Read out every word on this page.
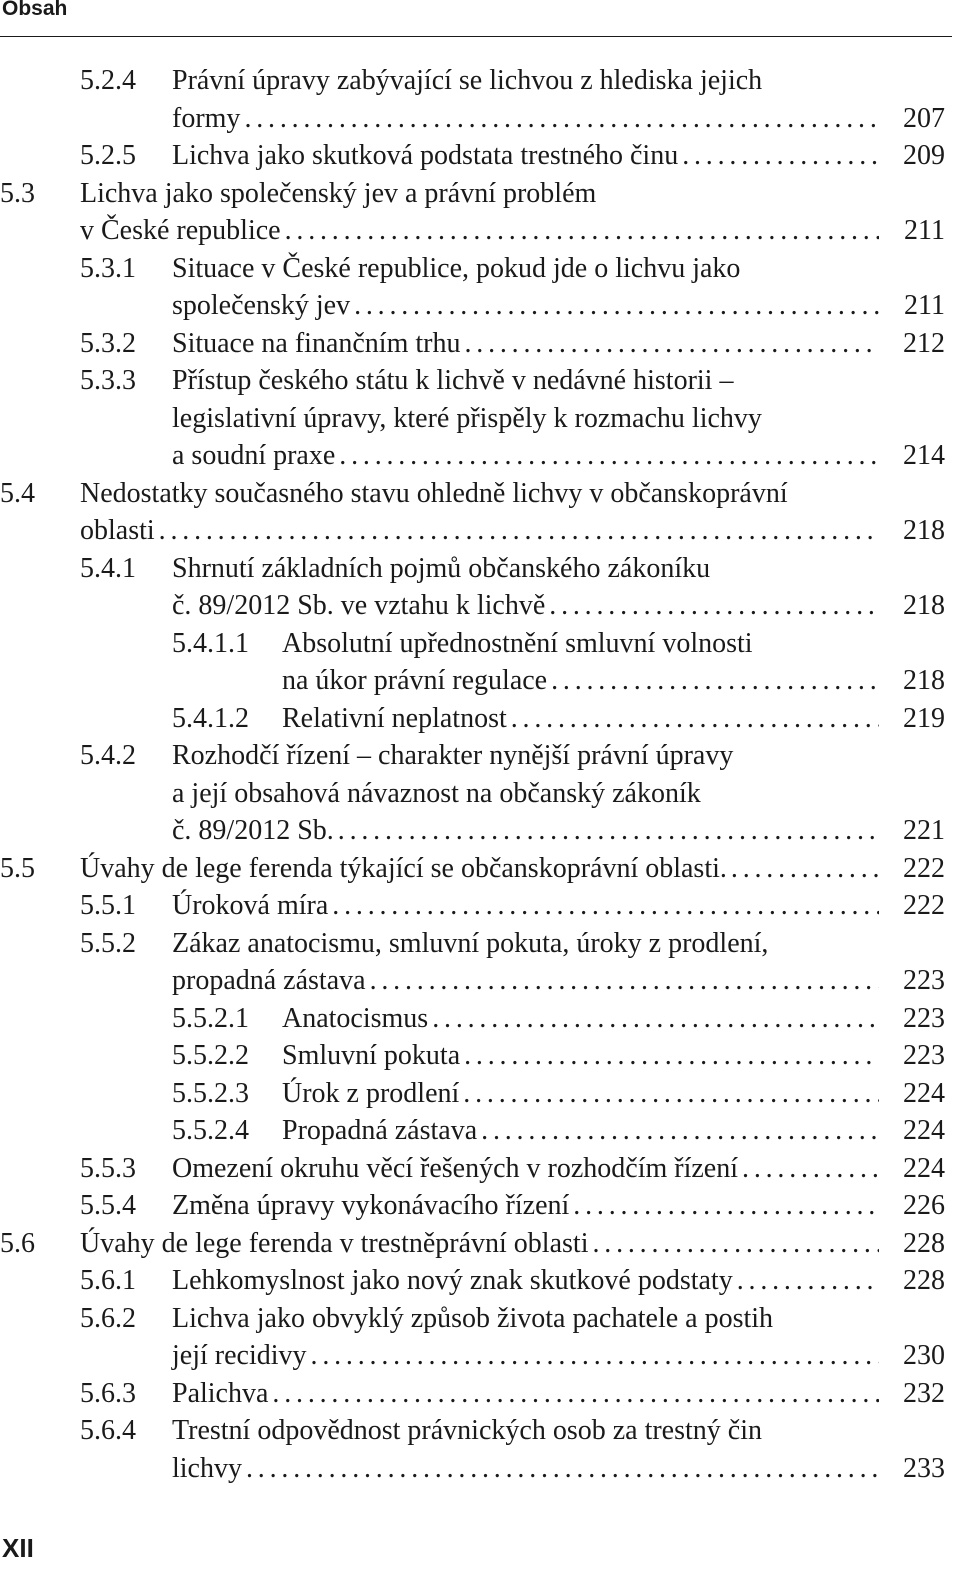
Obsah
5.2.4 Právní úpravy zabývající se lichvou z hlediska jejich
formy .....	207
5.2.5 Lichva jako skutková podstata trestného činu .....	209
5.3 Lichva jako společenský jev a právní problém
v České republice .....	211
5.3.1 Situace v České republice, pokud jde o lichvu jako
společenský jev .....	211
5.3.2 Situace na finančním trhu .....	212
5.3.3 Přístup českého státu k lichvě v nedávné historii –
legislativní úpravy, které přispěly k rozmachu lichvy
a soudní praxe .....	214
5.4 Nedostatky současného stavu ohledně lichvy v občanskoprávní
oblasti .....	218
5.4.1 Shrnutí základních pojmů občanského zákoníku
č. 89/2012 Sb. ve vztahu k lichvě .....	218
5.4.1.1 Absolutní upřednostnění smluvní volnosti
na úkor právní regulace .....	218
5.4.1.2 Relativní neplatnost .....	219
5.4.2 Rozhodčí řízení – charakter nynější právní úpravy
a její obsahová návaznost na občanský zákoník
č. 89/2012 Sb. .....	221
5.5 Úvahy de lege ferenda týkající se občanskoprávní oblasti. .....	222
5.5.1 Úroková míra .....	222
5.5.2 Zákaz anatocismu, smluvní pokuta, úroky z prodlení,
propadná zástava .....	223
5.5.2.1 Anatocismus .....	223
5.5.2.2 Smluvní pokuta .....	223
5.5.2.3 Úrok z prodlení .....	224
5.5.2.4 Propadná zástava .....	224
5.5.3 Omezení okruhu věcí řešených v rozhodčím řízení .....	224
5.5.4 Změna úpravy vykonávacího řízení .....	226
5.6 Úvahy de lege ferenda v trestněprávní oblasti .....	228
5.6.1 Lehkomyslnost jako nový znak skutkové podstaty .....	228
5.6.2 Lichva jako obvyklý způsob života pachatele a postih
její recidivy .....	230
5.6.3 Palichva .....	232
5.6.4 Trestní odpovědnost právnických osob za trestný čin
lichvy .....	233
XII
